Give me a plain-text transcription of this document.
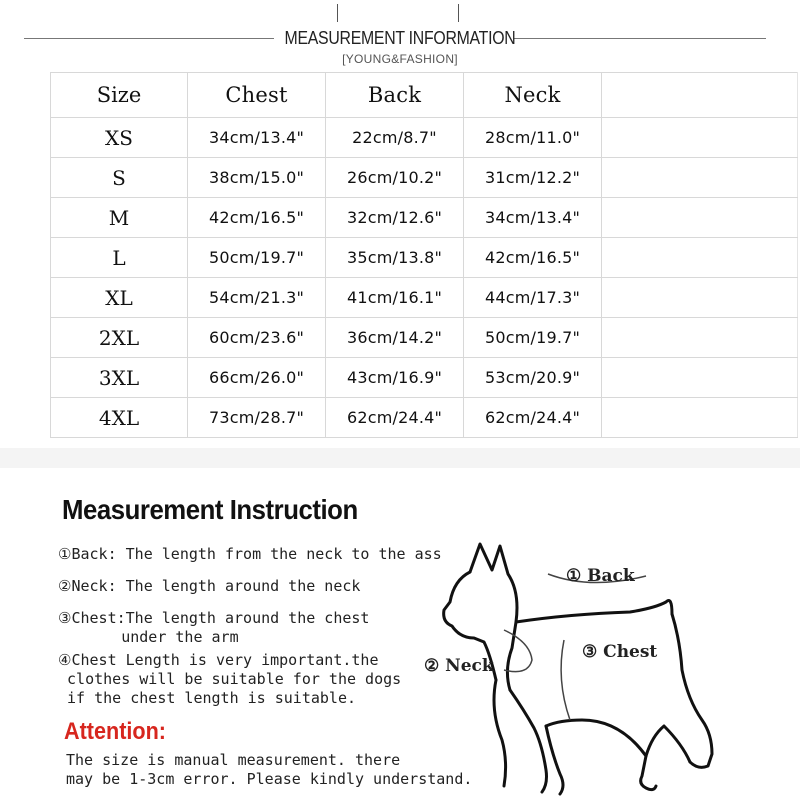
MEASUREMENT INFORMATION
[YOUNG&FASHION]
Size	Chest	Back	Neck	
XS	34cm/13.4"	22cm/8.7"	28cm/11.0"	
S	38cm/15.0"	26cm/10.2"	31cm/12.2"	
M	42cm/16.5"	32cm/12.6"	34cm/13.4"	
L	50cm/19.7"	35cm/13.8"	42cm/16.5"	
XL	54cm/21.3"	41cm/16.1"	44cm/17.3"	
2XL	60cm/23.6"	36cm/14.2"	50cm/19.7"	
3XL	66cm/26.0"	43cm/16.9"	53cm/20.9"	
4XL	73cm/28.7"	62cm/24.4"	62cm/24.4"	
Measurement Instruction
①Back: The length from the neck to the ass
②Neck: The length around the neck
③Chest:The length around the chest
under the arm
④Chest Length is very important.the
clothes will be suitable for the dogs
if the chest length is suitable.
Attention:
The size is manual measurement. there
may be 1-3cm error. Please kindly understand.
① Back
② Neck
③ Chest
